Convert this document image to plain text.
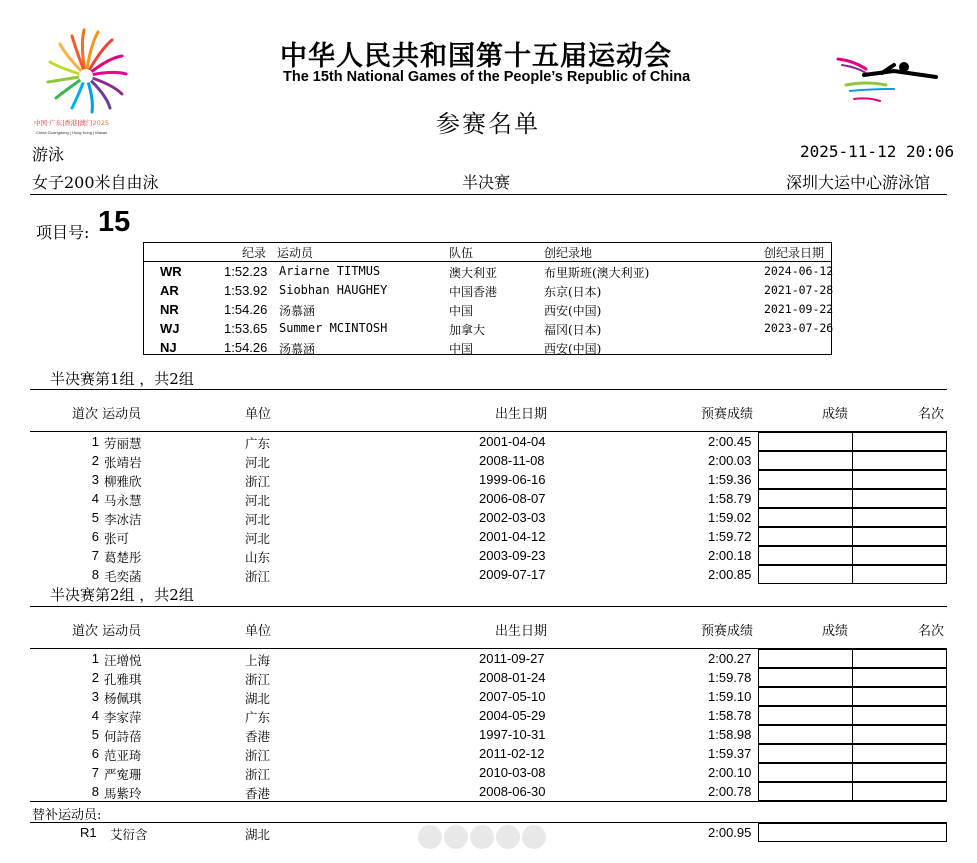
中国·广东|香港|澳门2025
China·Guangdong | Hong Kong | Macao
中华人民共和国第十五届运动会
The 15th National Games of the People’s Republic of China
参赛名单
游泳	2025-11-12 20:06
女子200米自由泳	半决赛	深圳大运中心游泳馆
项目号: 15
纪录 运动员	队伍	创纪录地	创纪录日期
WR	1:52.23 Ariarne TITMUS	澳大利亚	布里斯班(澳大利亚)	2024-06-12
AR	1:53.92 Siobhan HAUGHEY	中国香港	东京(日本)	2021-07-28
NR	1:54.26 汤慕涵	中国	西安(中国)	2021-09-22
WJ	1:53.65 Summer MCINTOSH	加拿大	福冈(日本)	2023-07-26
NJ	1:54.26 汤慕涵	中国	西安(中国)
半决赛第1组 ，共2组
道次 运动员	单位	出生日期	预赛成绩	成绩	名次
1 劳丽慧	广东	2001-04-04	2:00.45
2 张靖岩	河北	2008-11-08	2:00.03
3 柳雅欣	浙江	1999-06-16	1:59.36
4 马永慧	河北	2006-08-07	1:58.79
5 李冰洁	河北	2002-03-03	1:59.02
6 张可	河北	2001-04-12	1:59.72
7 葛楚彤	山东	2003-09-23	2:00.18
8 毛奕菡	浙江	2009-07-17	2:00.85
半决赛第2组 ，共2组
道次 运动员	单位	出生日期	预赛成绩	成绩	名次
1 汪增悦	上海	2011-09-27	2:00.27
2 孔雅琪	浙江	2008-01-24	1:59.78
3 杨佩琪	湖北	2007-05-10	1:59.10
4 李家萍	广东	2004-05-29	1:58.78
5 何詩蓓	香港	1997-10-31	1:58.98
6 范亚琦	浙江	2011-02-12	1:59.37
7 严寃珊	浙江	2010-03-08	2:00.10
8 馬紫玲	香港	2008-06-30	2:00.78
替补运动员:
R1 艾衍含	湖北	2:00.95
